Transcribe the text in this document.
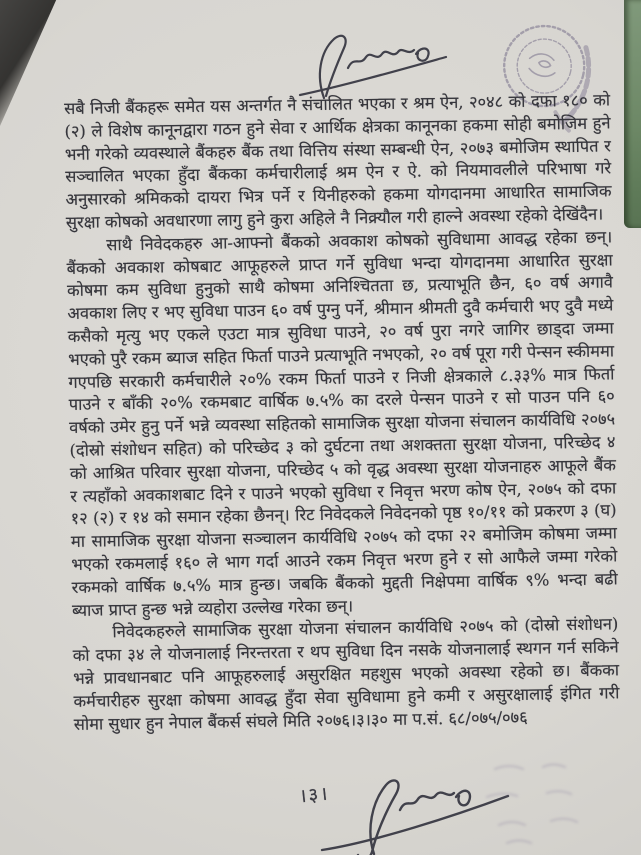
सबै निजी बैंकहरू समेत यस अन्तर्गत नै संचालित भएका र श्रम ऐन, २०४८ को दफा १८० को (२) ले विशेष कानूनद्वारा गठन हुने सेवा र आर्थिक क्षेत्रका कानूनका हकमा सोही बमोजिम हुने भनी गरेको व्यवस्थाले बैंकहरु बैंक तथा वित्तिय संस्था सम्बन्धी ऐन, २०७३ बमोजिम स्थापित र सञ्चालित भएका हुँदा बैंकका कर्मचारीलाई श्रम ऐन र ऐ. को नियमावलीले परिभाषा गरे अनुसारको श्रमिकको दायरा भित्र पर्ने र यिनीहरुको हकमा योगदानमा आधारित सामाजिक सुरक्षा कोषको अवधारणा लागु हुने कुरा अहिले नै निक्र्यौल गरी हाल्ने अवस्था रहेको देखिंदैन।

साथै निवेदकहरु आ-आफ्नो बैंकको अवकाश कोषको सुविधामा आवद्ध रहेका छन्। बैंकको अवकाश कोषबाट आफूहरुले प्राप्त गर्ने सुविधा भन्दा योगदानमा आधारित सुरक्षा कोषमा कम सुविधा हुनुको साथै कोषमा अनिश्चितता छ, प्रत्याभूति छैन, ६० वर्ष अगावै अवकाश लिए र भए सुविधा पाउन ६० वर्ष पुग्नु पर्ने, श्रीमान श्रीमती दुवै कर्मचारी भए दुवै मध्ये कसैको मृत्यु भए एकले एउटा मात्र सुविधा पाउने, २० वर्ष पुरा नगरे जागिर छाड्दा जम्मा भएको पुरै रकम ब्याज सहित फिर्ता पाउने प्रत्याभूति नभएको, २० वर्ष पूरा गरी पेन्सन स्कीममा गएपछि सरकारी कर्मचारीले २०% रकम फिर्ता पाउने र निजी क्षेत्रकाले ८.३३% मात्र फिर्ता पाउने र बाँकी २०% रकमबाट वार्षिक ७.५% का दरले पेन्सन पाउने र सो पाउन पनि ६० वर्षको उमेर हुनु पर्ने भन्ने व्यवस्था सहितको सामाजिक सुरक्षा योजना संचालन कार्यविधि २०७५ (दोस्रो संशोधन सहित) को परिच्छेद ३ को दुर्घटना तथा अशक्तता सुरक्षा योजना, परिच्छेद ४ को आश्रित परिवार सुरक्षा योजना, परिच्छेद ५ को वृद्ध अवस्था सुरक्षा योजनाहरु आफूले बैंक र त्यहाँको अवकाशबाट दिने र पाउने भएको सुविधा र निवृत्त भरण कोष ऐन, २०७५ को दफा १२ (२) र १४ को समान रहेका छैनन्। रिट निवेदकले निवेदनको पृष्ठ १०/११ को प्रकरण ३ (घ) मा सामाजिक सुरक्षा योजना सञ्चालन कार्यविधि २०७५ को दफा २२ बमोजिम कोषमा जम्मा भएको रकमलाई १६० ले भाग गर्दा आउने रकम निवृत्त भरण हुने र सो आफैले जम्मा गरेको रकमको वार्षिक ७.५% मात्र हुन्छ। जबकि बैंकको मुद्दती निक्षेपमा वार्षिक ९% भन्दा बढी ब्याज प्राप्त हुन्छ भन्ने व्यहोरा उल्लेख गरेका छन्।

निवेदकहरुले सामाजिक सुरक्षा योजना संचालन कार्यविधि २०७५ को (दोस्रो संशोधन) को दफा ३४ ले योजनालाई निरन्तरता र थप सुविधा दिन नसके योजनालाई स्थगन गर्न सकिने भन्ने प्रावधानबाट पनि आफूहरुलाई असुरक्षित महशुस भएको अवस्था रहेको छ। बैंकका कर्मचारीहरु सुरक्षा कोषमा आवद्ध हुँदा सेवा सुविधामा हुने कमी र असुरक्षालाई इंगित गरी सोमा सुधार हुन नेपाल बैंकर्स संघले मिति २०७६।३।३० मा प.सं. ६८/०७५/०७६

।३।
